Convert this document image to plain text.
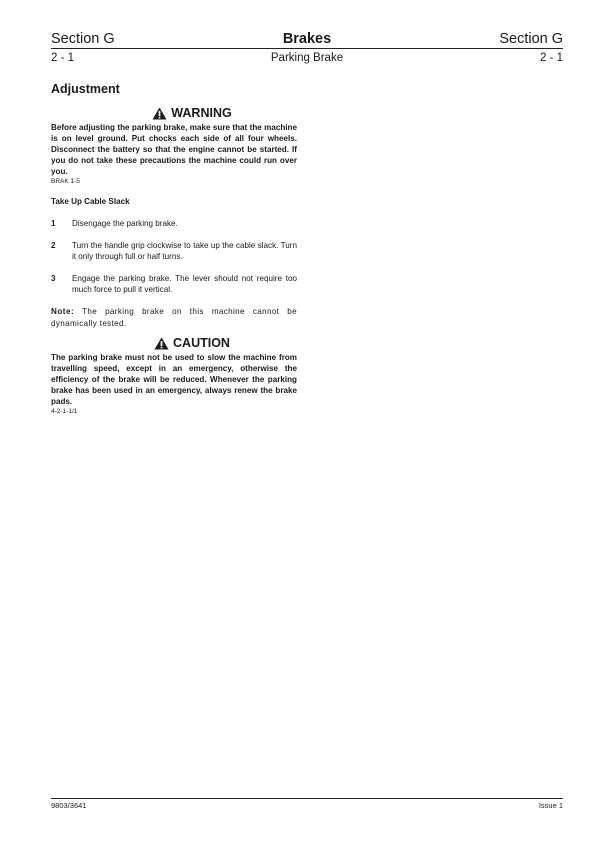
Section G	Brakes	Section G
2 - 1	Parking Brake	2 - 1
Adjustment
WARNING

Before adjusting the parking brake, make sure that the machine is on level ground. Put chocks each side of all four wheels. Disconnect the battery so that the engine cannot be started. If you do not take these precautions the machine could run over you.

BRAK 1-5

Take Up Cable Slack
1	Disengage the parking brake.
2	Turn the handle grip clockwise to take up the cable slack. Turn it only through full or half turns.
3	Engage the parking brake. The lever should not require too much force to pull it vertical.

Note: The parking brake on this machine cannot be dynamically tested.

CAUTION

The parking brake must not be used to slow the machine from travelling speed, except in an emergency, otherwise the efficiency of the brake will be reduced. Whenever the parking brake has been used in an emergency, always renew the brake pads.

4-2-1-1/1

9803/3641	Issue 1
